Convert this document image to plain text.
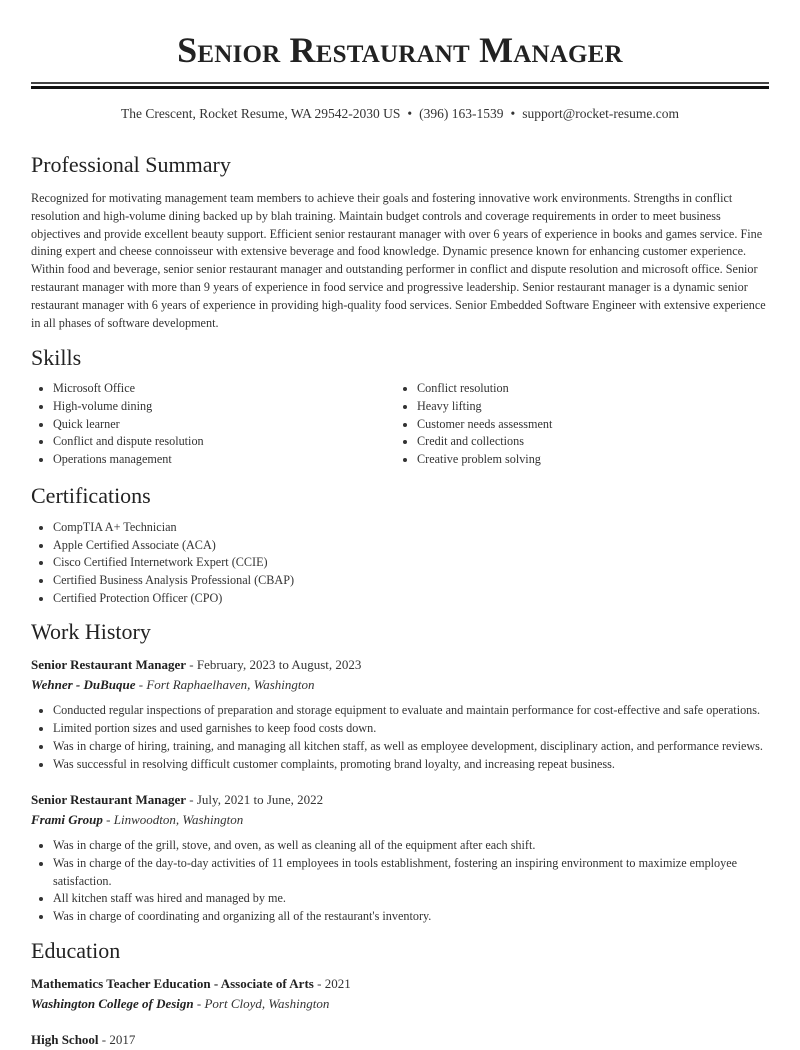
Senior Restaurant Manager
The Crescent, Rocket Resume, WA 29542-2030 US • (396) 163-1539 • support@rocket-resume.com
Professional Summary

Recognized for motivating management team members to achieve their goals and fostering innovative work environments. Strengths in conflict resolution and high-volume dining backed up by blah training. Maintain budget controls and coverage requirements in order to meet business objectives and provide excellent beauty support. Efficient senior restaurant manager with over 6 years of experience in books and games service. Fine dining expert and cheese connoisseur with extensive beverage and food knowledge. Dynamic presence known for enhancing customer experience. Within food and beverage, senior senior restaurant manager and outstanding performer in conflict and dispute resolution and microsoft office. Senior restaurant manager with more than 9 years of experience in food service and progressive leadership. Senior restaurant manager is a dynamic senior restaurant manager with 6 years of experience in providing high-quality food services. Senior Embedded Software Engineer with extensive experience in all phases of software development.

Skills
• Microsoft Office
• High-volume dining
• Quick learner
• Conflict and dispute resolution
• Operations management
• Conflict resolution
• Heavy lifting
• Customer needs assessment
• Credit and collections
• Creative problem solving
Certifications
• CompTIA A+ Technician
• Apple Certified Associate (ACA)
• Cisco Certified Internetwork Expert (CCIE)
• Certified Business Analysis Professional (CBAP)
• Certified Protection Officer (CPO)
Work History
Senior Restaurant Manager - February, 2023 to August, 2023
Wehner - DuBuque - Fort Raphaelhaven, Washington
• Conducted regular inspections of preparation and storage equipment to evaluate and maintain performance for cost-effective and safe operations.
• Limited portion sizes and used garnishes to keep food costs down.
• Was in charge of hiring, training, and managing all kitchen staff, as well as employee development, disciplinary action, and performance reviews.
• Was successful in resolving difficult customer complaints, promoting brand loyalty, and increasing repeat business.
Senior Restaurant Manager - July, 2021 to June, 2022
Frami Group - Linwoodton, Washington
• Was in charge of the grill, stove, and oven, as well as cleaning all of the equipment after each shift.
• Was in charge of the day-to-day activities of 11 employees in tools establishment, fostering an inspiring environment to maximize employee satisfaction.
• All kitchen staff was hired and managed by me.
• Was in charge of coordinating and organizing all of the restaurant's inventory.
Education
Mathematics Teacher Education - Associate of Arts - 2021
Washington College of Design - Port Cloyd, Washington
High School - 2017
